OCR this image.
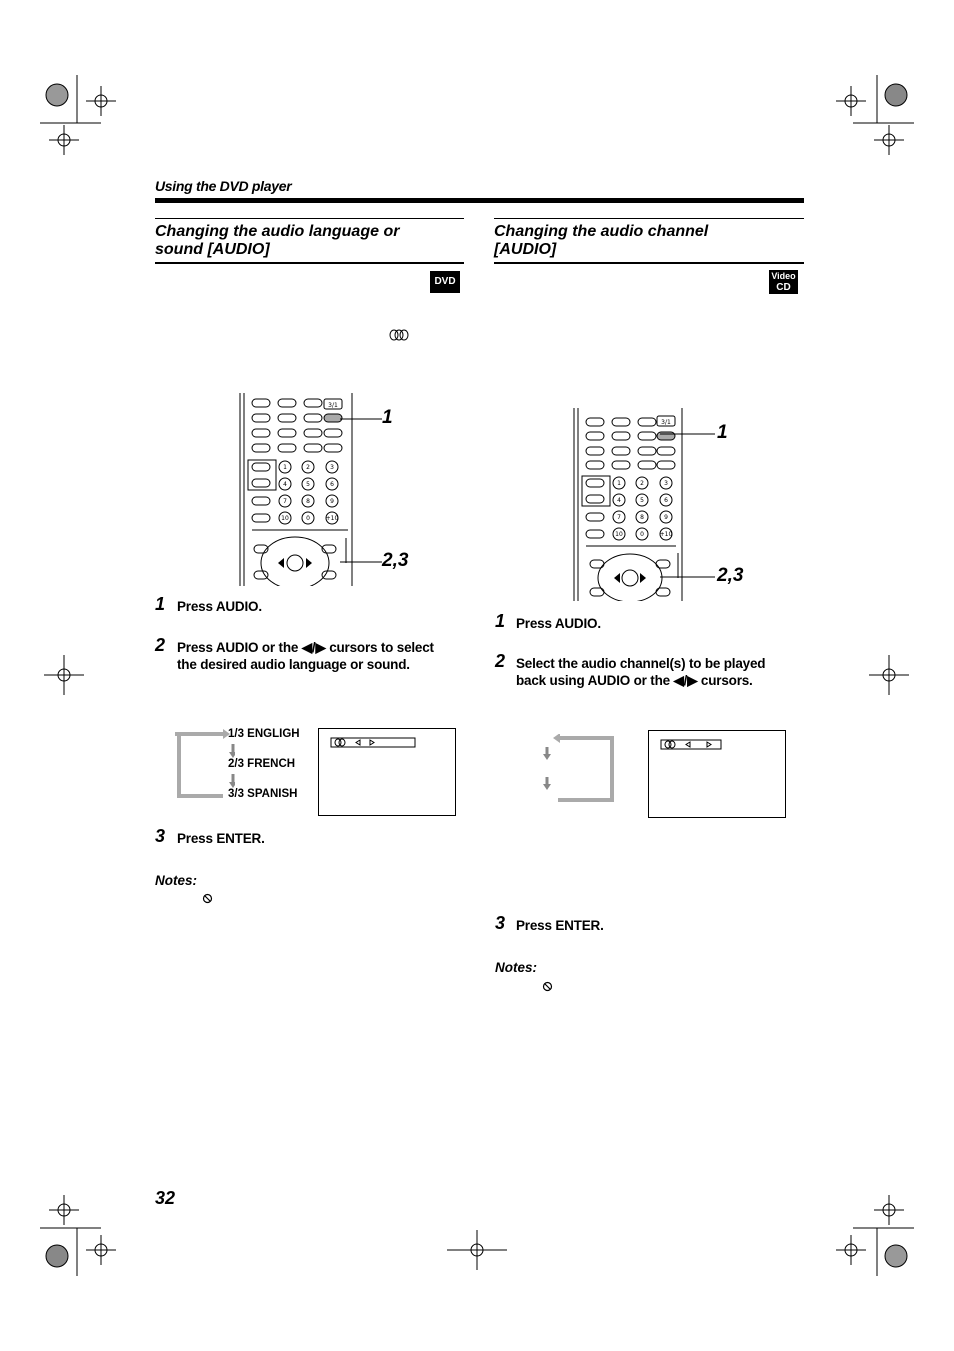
Using the DVD player
Changing the audio language or
sound [AUDIO]
DVD
3/1
1	2	3
4	5	6
7	8	9
10	0	+10
1
2,3
1 Press AUDIO.
2 Press AUDIO or the ◀/▶ cursors to select
the desired audio language or sound.
1/3 ENGLIGH
2/3 FRENCH
3/3 SPANISH
3 Press ENTER.
Notes:
Changing the audio channel
[AUDIO]
Video
CD
3/1
1	2	3
4	5	6
7	8	9
10	0	+10
1
2,3
1 Press AUDIO.
2 Select the audio channel(s) to be played
back using AUDIO or the ◀/▶ cursors.
3 Press ENTER.
Notes:
32
